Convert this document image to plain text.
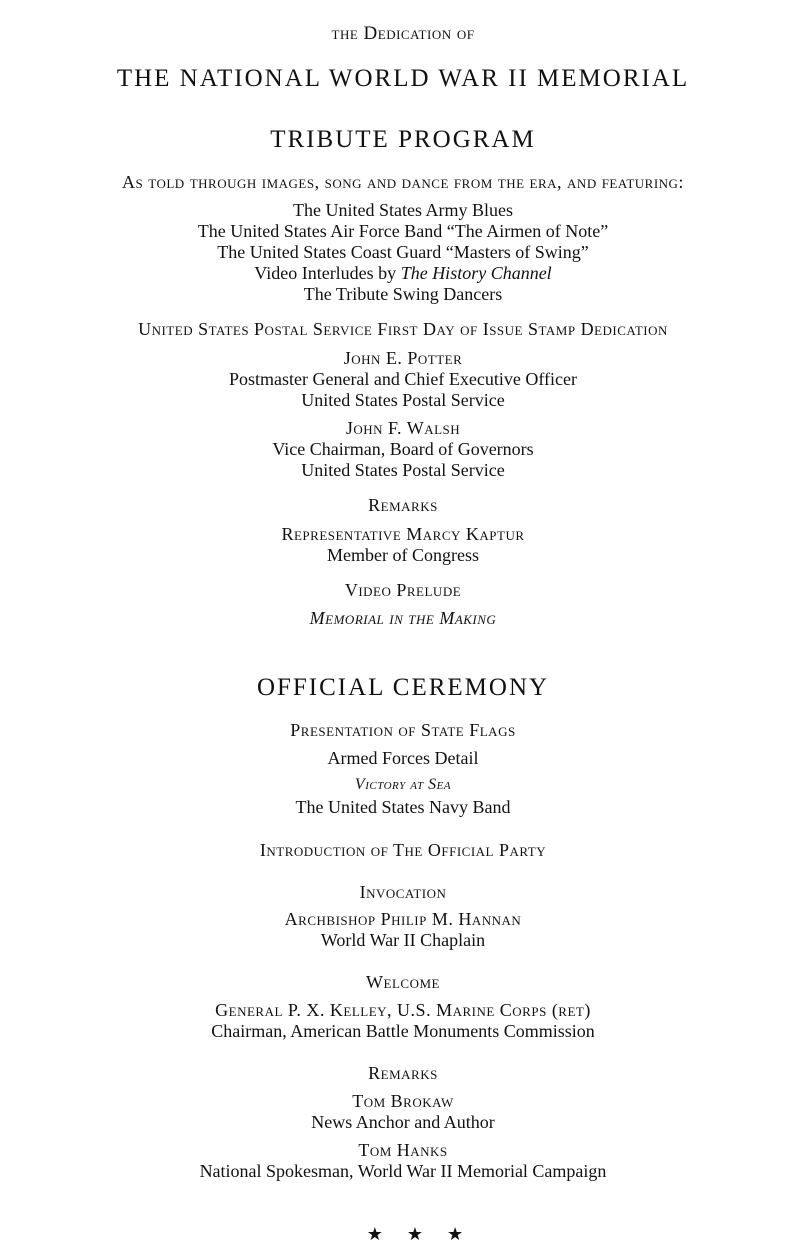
the Dedication of
THE NATIONAL WORLD WAR II MEMORIAL
TRIBUTE PROGRAM
As told through images, song and dance from the era, and featuring:
The United States Army Blues
The United States Air Force Band “The Airmen of Note”
The United States Coast Guard “Masters of Swing”
Video Interludes by The History Channel
The Tribute Swing Dancers
United States Postal Service First Day of Issue Stamp Dedication
John E. Potter
Postmaster General and Chief Executive Officer
United States Postal Service
John F. Walsh
Vice Chairman, Board of Governors
United States Postal Service
Remarks
Representative Marcy Kaptur
Member of Congress
Video Prelude
Memorial in the Making
OFFICIAL CEREMONY
Presentation of State Flags
Armed Forces Detail
Victory at Sea
The United States Navy Band
Introduction of The Official Party
Invocation
Archbishop Philip M. Hannan
World War II Chaplain
Welcome
General P. X. Kelley, U.S. Marine Corps (ret)
Chairman, American Battle Monuments Commission
Remarks
Tom Brokaw
News Anchor and Author
Tom Hanks
National Spokesman, World War II Memorial Campaign
★★★
